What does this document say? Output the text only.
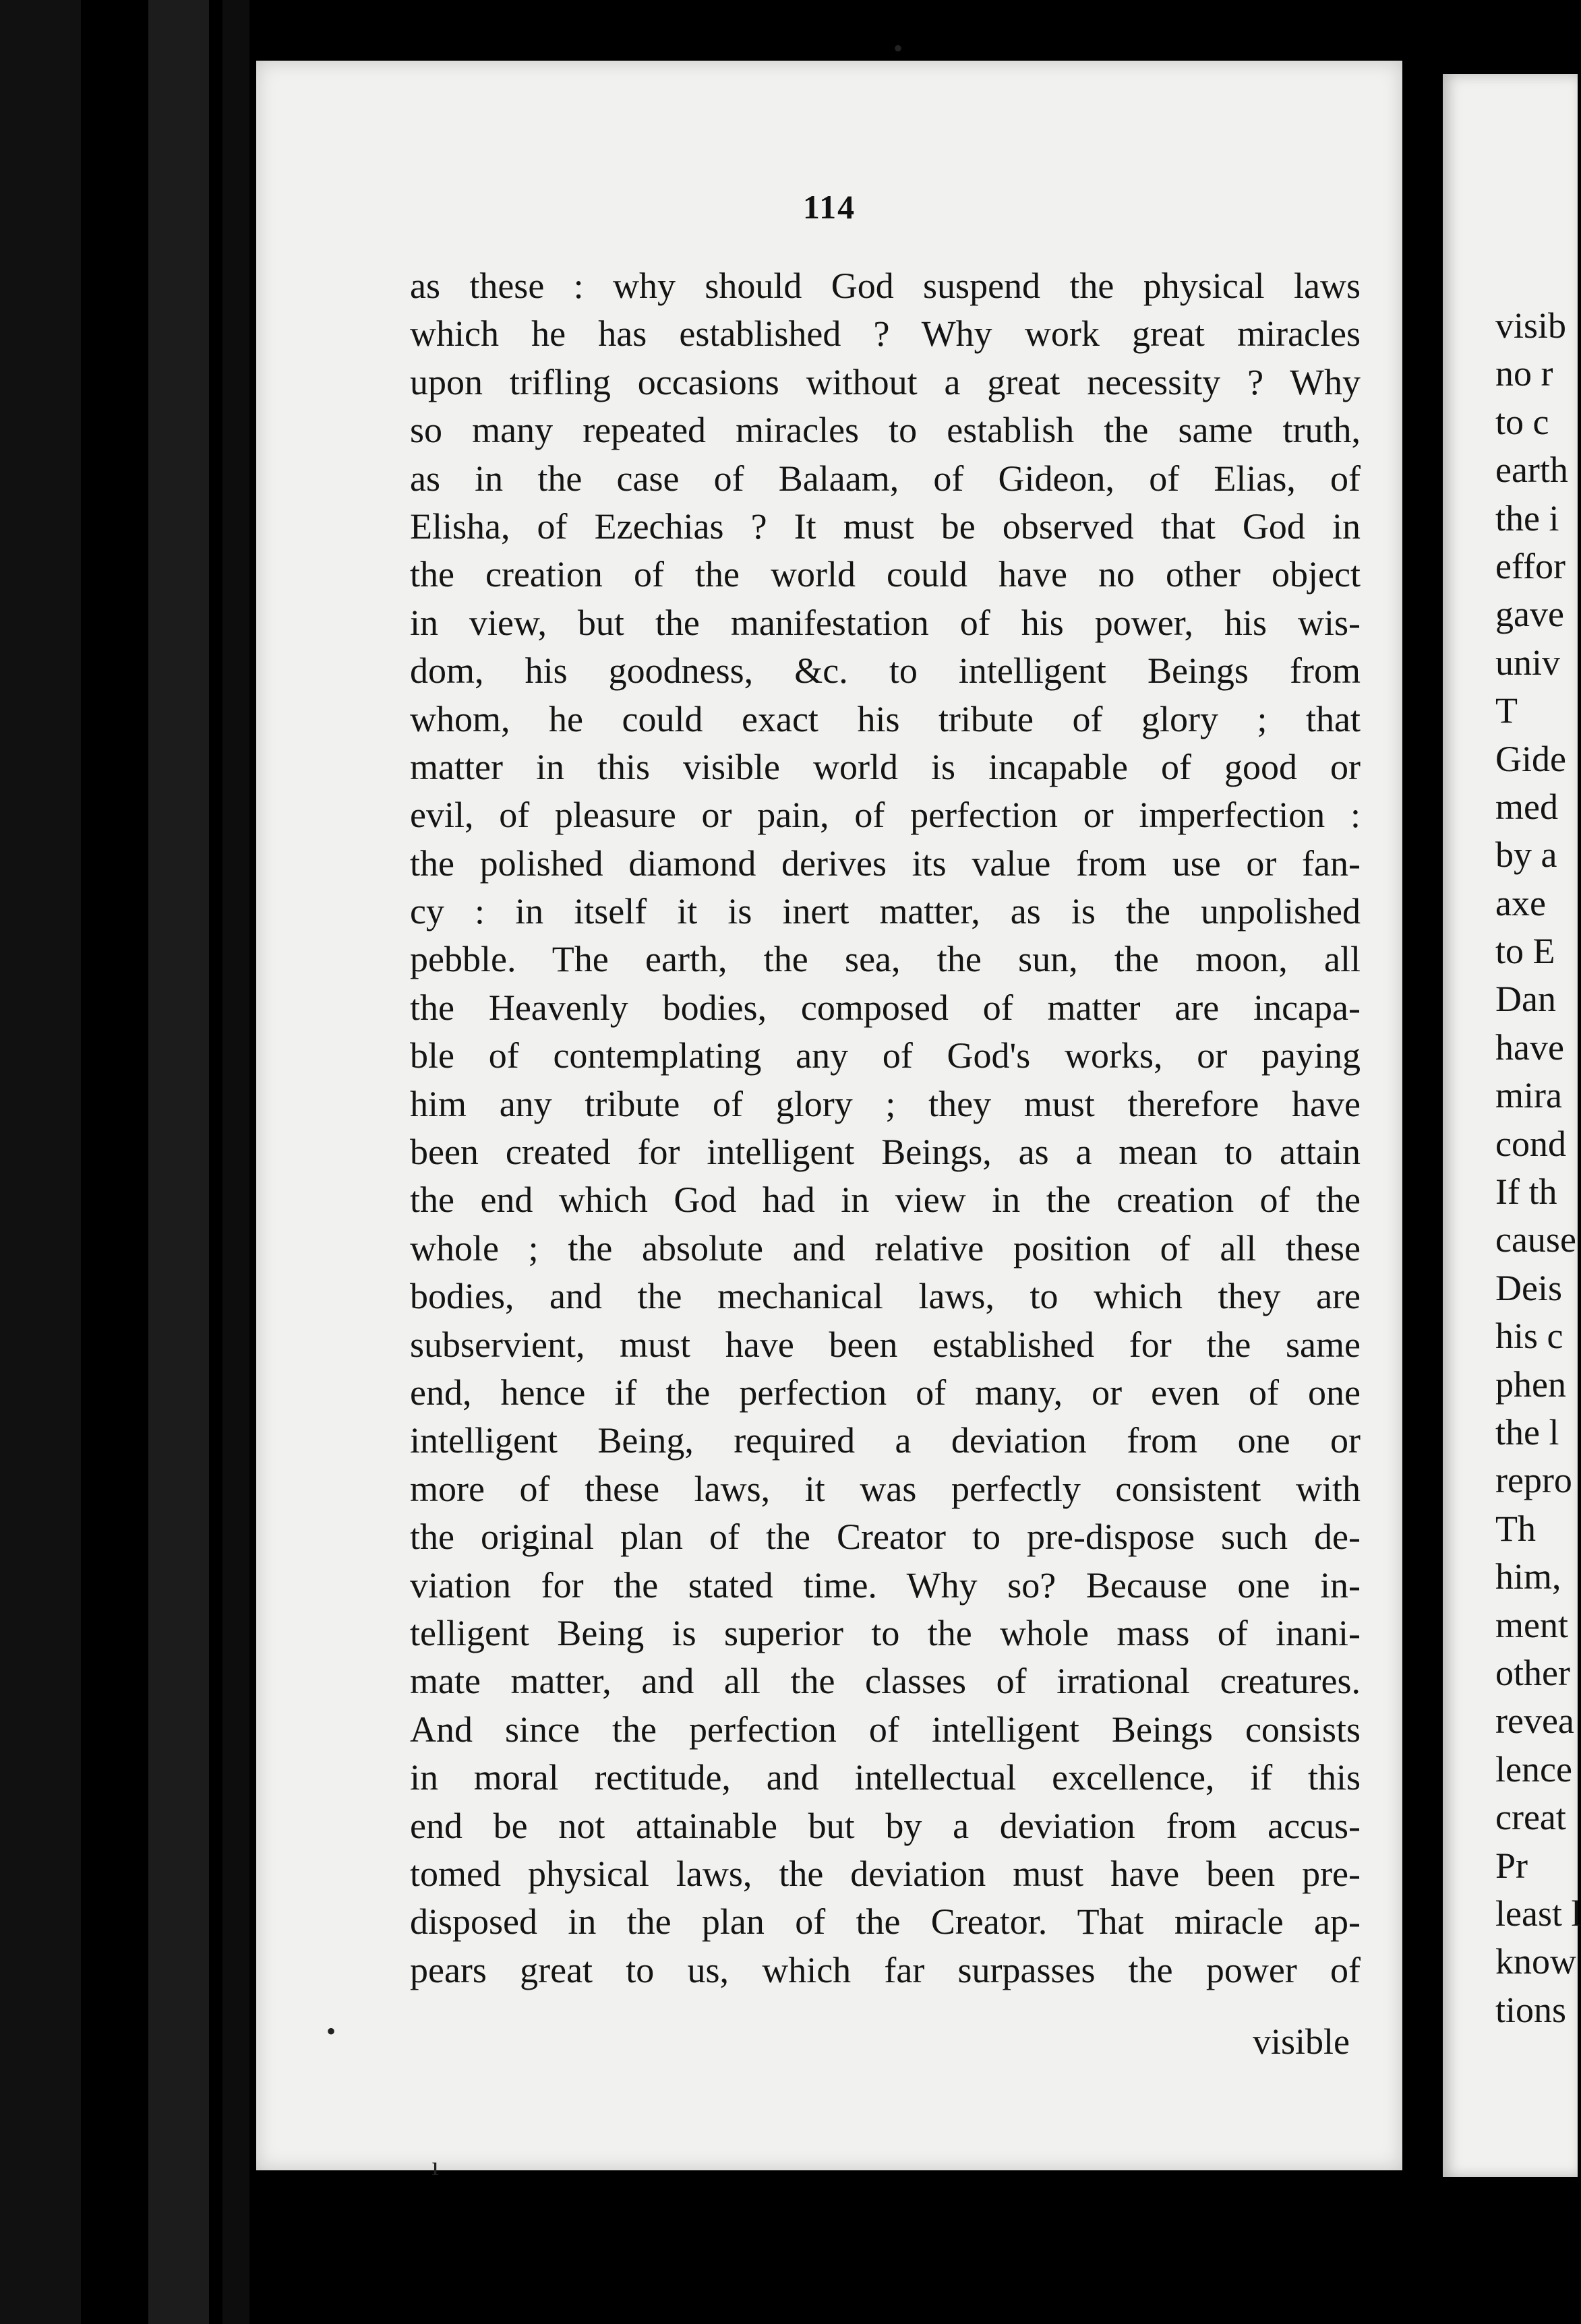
114
as these : why should God suspend the physical laws
which he has established ? Why work great miracles
upon trifling occasions without a great necessity ? Why
so many repeated miracles to establish the same truth,
as in the case of Balaam, of Gideon, of Elias, of
Elisha, of Ezechias ? It must be observed that God in
the creation of the world could have no other object
in view, but the manifestation of his power, his wis-
dom, his goodness, &c. to intelligent Beings from
whom, he could exact his tribute of glory ; that
matter in this visible world is incapable of good or
evil, of pleasure or pain, of perfection or imperfection :
the polished diamond derives its value from use or fan-
cy : in itself it is inert matter, as is the unpolished
pebble. The earth, the sea, the sun, the moon, all
the Heavenly bodies, composed of matter are incapa-
ble of contemplating any of God's works, or paying
him any tribute of glory ; they must therefore have
been created for intelligent Beings, as a mean to attain
the end which God had in view in the creation of the
whole ; the absolute and relative position of all these
bodies, and the mechanical laws, to which they are
subservient, must have been established for the same
end, hence if the perfection of many, or even of one
intelligent Being, required a deviation from one or
more of these laws, it was perfectly consistent with
the original plan of the Creator to pre-dispose such de-
viation for the stated time. Why so? Because one in-
telligent Being is superior to the whole mass of inani-
mate matter, and all the classes of irrational creatures.
And since the perfection of intelligent Beings consists
in moral rectitude, and intellectual excellence, if this
end be not attainable but by a deviation from accus-
tomed physical laws, the deviation must have been pre-
disposed in the plan of the Creator. That miracle ap-
pears great to us, which far surpasses the power of
visible
•
ı
•
visib
no r
to c
earth
the i
effor
gave
univ
T
Gide
med
by a
axe
to E
Dan
have
mira
cond
If th
cause
Deis
his c
phen
the l
repro
Th
him,
ment
other
revea
lence
creat
Pr
least l
know
tions
